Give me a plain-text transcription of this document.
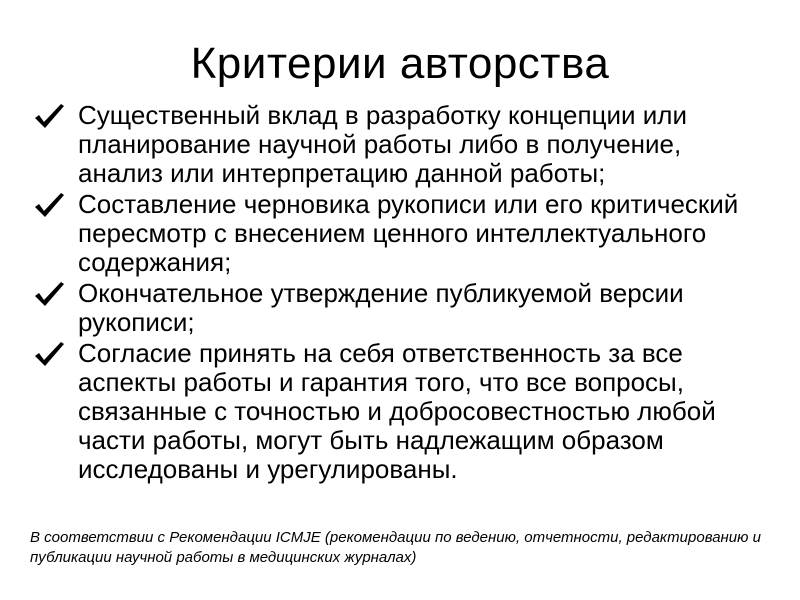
Критерии авторства
Существенный вклад в разработку концепции или планирование научной работы либо в получение, анализ или интерпретацию данной работы;
Составление черновика рукописи или его критический пересмотр с внесением ценного интеллектуального содержания;
Окончательное утверждение публикуемой версии рукописи;
Согласие принять на себя ответственность за все аспекты работы и гарантия того, что все вопросы, связанные с точностью и добросовестностью любой части работы, могут быть надлежащим образом исследованы и урегулированы.
В соответствии с Рекомендации ICMJE (рекомендации по ведению, отчетности, редактированию и публикации научной работы в медицинских журналах)
